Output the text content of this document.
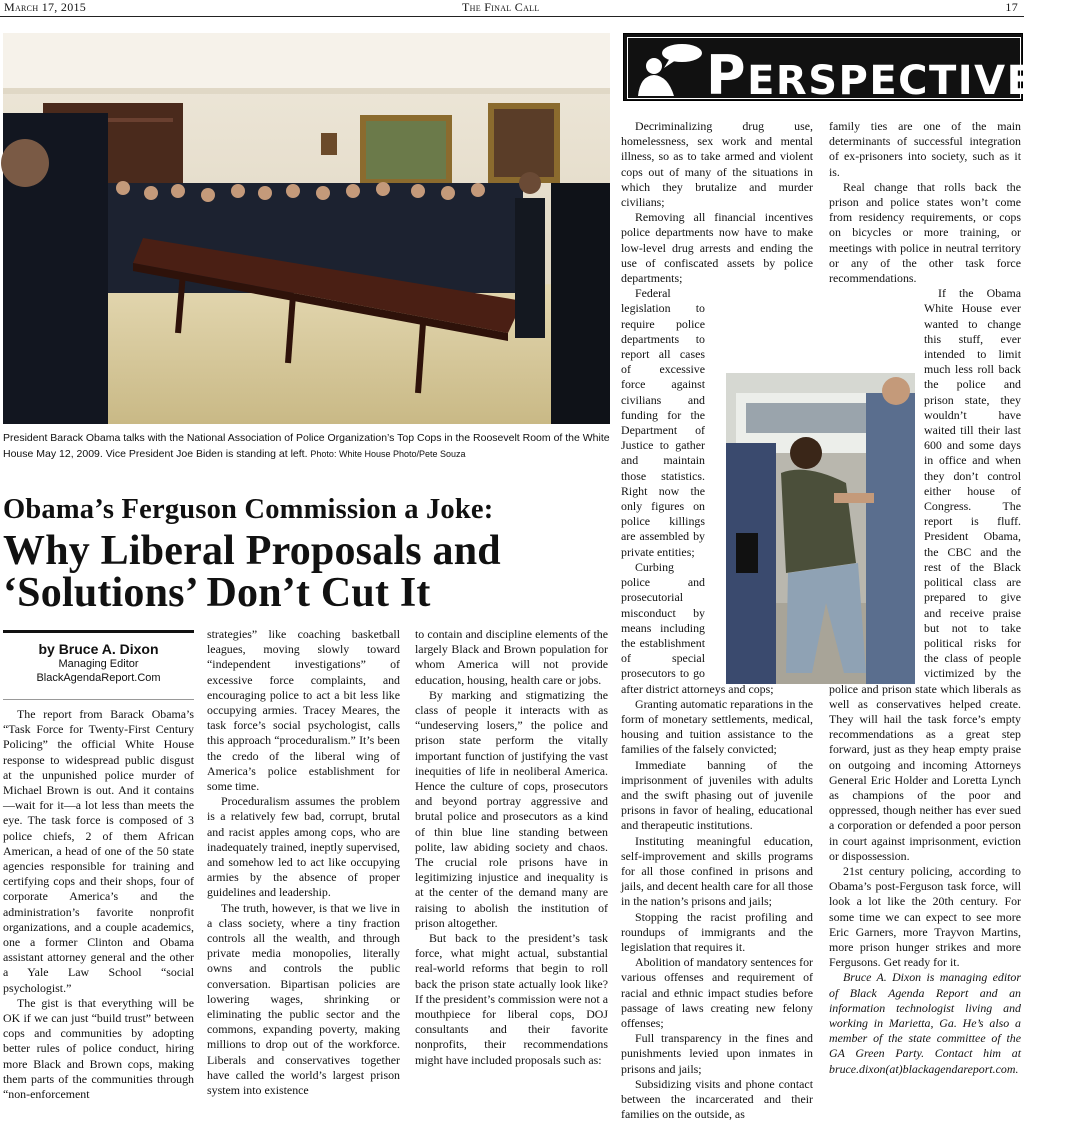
March 17, 2015	The Final Call	17
President Barack Obama talks with the National Association of Police Organization’s Top Cops in the Roosevelt Room of the White House May 12, 2009. Vice President Joe Biden is standing at left. Photo: White House Photo/Pete Souza
Obama’s Ferguson Commission a Joke:
Why Liberal Proposals and ‘Solutions’ Don’t Cut It
by Bruce A. Dixon
Managing Editor
BlackAgendaReport.Com

The report from Barack Obama’s “Task Force for Twenty-First Century Policing” the official White House response to widespread public disgust at the unpunished police murder of Michael Brown is out. And it contains—wait for it—a lot less than meets the eye. The task force is composed of 3 police chiefs, 2 of them African American, a head of one of the 50 state agencies responsible for training and certifying cops and their shops, four of corporate America’s and the administration’s favorite nonprofit organizations, and a couple academics, one a former Clinton and Obama assistant attorney general and the other a Yale Law School “social psychologist.”

The gist is that everything will be OK if we can just “build trust” between cops and communities by adopting better rules of police conduct, hiring more Black and Brown cops, making them parts of the communities through “non-enforcement

strategies” like coaching basketball leagues, moving slowly toward “independent investigations” of excessive force complaints, and encouraging police to act a bit less like occupying armies. Tracey Meares, the task force’s social psychologist, calls this approach “proceduralism.” It’s been the credo of the liberal wing of America’s police establishment for some time.

Proceduralism assumes the problem is a relatively few bad, corrupt, brutal and racist apples among cops, who are inadequately trained, ineptly supervised, and somehow led to act like occupying armies by the absence of proper guidelines and leadership.

The truth, however, is that we live in a class society, where a tiny fraction controls all the wealth, and through private media monopolies, literally owns and controls the public conversation. Bipartisan policies are lowering wages, shrinking or eliminating the public sector and the commons, expanding poverty, making millions to drop out of the workforce. Liberals and conservatives together have called the world’s largest prison system into existence

to contain and discipline elements of the largely Black and Brown population for whom America will not provide education, housing, health care or jobs.

By marking and stigmatizing the class of people it interacts with as “undeserving losers,” the police and prison state perform the vitally important function of justifying the vast inequities of life in neoliberal America. Hence the culture of cops, prosecutors and beyond portray aggressive and brutal police and prosecutors as a kind of thin blue line standing between polite, law abiding society and chaos. The crucial role prisons have in legitimizing injustice and inequality is at the center of the demand many are raising to abolish the institution of prison altogether.

But back to the president’s task force, what might actual, substantial real-world reforms that begin to roll back the prison state actually look like? If the president’s commission were not a mouthpiece for liberal cops, DOJ consultants and their favorite nonprofits, their recommendations might have included proposals such as:

PERSPECTIVES

Decriminalizing drug use, homelessness, sex work and mental illness, so as to take armed and violent cops out of many of the situations in which they brutalize and murder civilians;

Removing all financial incentives police departments now have to make low-level drug arrests and ending the use of confiscated assets by police departments;

Federal legislation to require police departments to report all cases of excessive force against civilians and funding for the Department of Justice to gather and maintain those statistics. Right now the only figures on police killings are assembled by private entities;

Curbing police and prosecutorial misconduct by means including the establishment of special prosecutors to go after district attorneys and cops;

Granting automatic reparations in the form of monetary settlements, medical, housing and tuition assistance to the families of the falsely convicted;

Immediate banning of the imprisonment of juveniles with adults and the swift phasing out of juvenile prisons in favor of healing, educational and therapeutic institutions.

Instituting meaningful education, self-improvement and skills programs for all those confined in prisons and jails, and decent health care for all those in the nation’s prisons and jails;

Stopping the racist profiling and roundups of immigrants and the legislation that requires it.

Abolition of mandatory sentences for various offenses and requirement of racial and ethnic impact studies before passage of laws creating new felony offenses;

Full transparency in the fines and punishments levied upon inmates in prisons and jails;

Subsidizing visits and phone contact between the incarcerated and their families on the outside, as

family ties are one of the main determinants of successful integration of ex-prisoners into society, such as it is.

Real change that rolls back the prison and police states won’t come from residency requirements, or cops on bicycles or more training, or meetings with police in neutral territory or any of the other task force recommendations.

If the Obama White House ever wanted to change this stuff, ever intended to limit much less roll back the police and prison state, they wouldn’t have waited till their last 600 and some days in office and when they don’t control either house of Congress. The report is fluff. President Obama, the CBC and the rest of the Black political class are prepared to give and receive praise but not to take political risks for the class of people victimized by the police and prison state which liberals as well as conservatives helped create. They will hail the task force’s empty recommendations as a great step forward, just as they heap empty praise on outgoing and incoming Attorneys General Eric Holder and Loretta Lynch as champions of the poor and oppressed, though neither has ever sued a corporation or defended a poor person in court against imprisonment, eviction or dispossession.

21st century policing, according to Obama’s post-Ferguson task force, will look a lot like the 20th century. For some time we can expect to see more Eric Garners, more Trayvon Martins, more prison hunger strikes and more Fergusons. Get ready for it.

Bruce A. Dixon is managing editor of Black Agenda Report and an information technologist living and working in Marietta, Ga. He’s also a member of the state committee of the GA Green Party. Contact him at bruce.dixon(at)blackagendareport.com.
